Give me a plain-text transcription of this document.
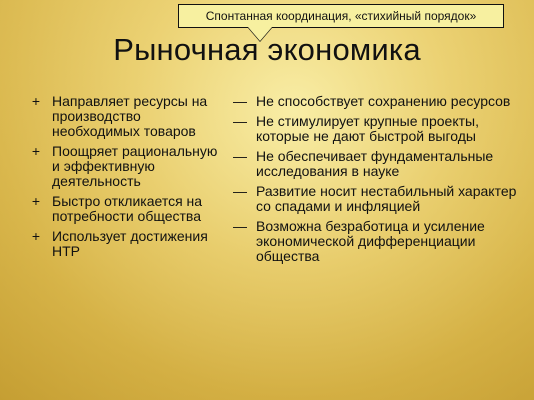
Спонтанная координация, «стихийный порядок»
Рыночная экономика
+ Направляет ресурсы на производство необходимых товаров
+ Поощряет рациональную и эффективную деятельность
+ Быстро откликается на потребности общества
+ Использует достижения НТР
— Не способствует сохранению ресурсов
— Не стимулирует крупные проекты, которые не дают быстрой выгоды
— Не обеспечивает фундаментальные исследования в науке
— Развитие носит нестабильный характер со спадами и инфляцией
— Возможна безработица и усиление экономической дифференциации общества
